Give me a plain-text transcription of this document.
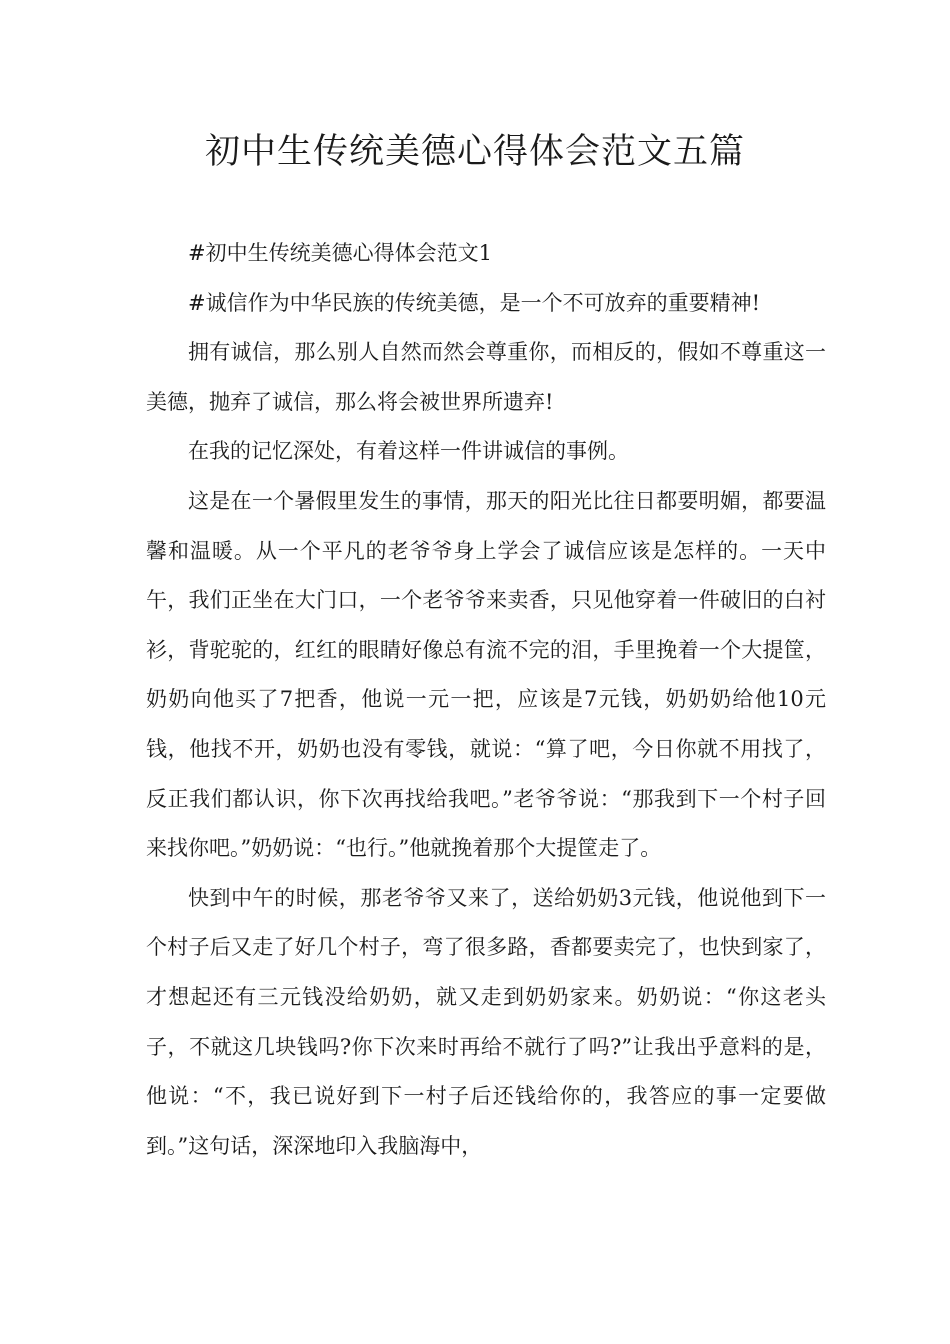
初中生传统美德心得体会范文五篇

#初中生传统美德心得体会范文1

#诚信作为中华民族的传统美德，是一个不可放弃的重要精神!

拥有诚信，那么别人自然而然会尊重你，而相反的，假如不尊重这一美德，抛弃了诚信，那么将会被世界所遗弃!

在我的记忆深处，有着这样一件讲诚信的事例。

这是在一个暑假里发生的事情，那天的阳光比往日都要明媚，都要温馨和温暖。从一个平凡的老爷爷身上学会了诚信应该是怎样的。一天中午，我们正坐在大门口，一个老爷爷来卖香，只见他穿着一件破旧的白衬衫，背驼驼的，红红的眼睛好像总有流不完的泪，手里挽着一个大提筐，奶奶向他买了7把香，他说一元一把，应该是7元钱，奶奶奶给他10元钱，他找不开，奶奶也没有零钱，就说：“算了吧，今日你就不用找了，反正我们都认识，你下次再找给我吧。”老爷爷说：“那我到下一个村子回来找你吧。”奶奶说：“也行。”他就挽着那个大提筐走了。

快到中午的时候，那老爷爷又来了，送给奶奶3元钱，他说他到下一个村子后又走了好几个村子，弯了很多路，香都要卖完了，也快到家了，才想起还有三元钱没给奶奶，就又走到奶奶家来。奶奶说：“你这老头子，不就这几块钱吗?你下次来时再给不就行了吗?”让我出乎意料的是，他说：“不，我已说好到下一村子后还钱给你的，我答应的事一定要做到。”这句话，深深地印入我脑海中，
